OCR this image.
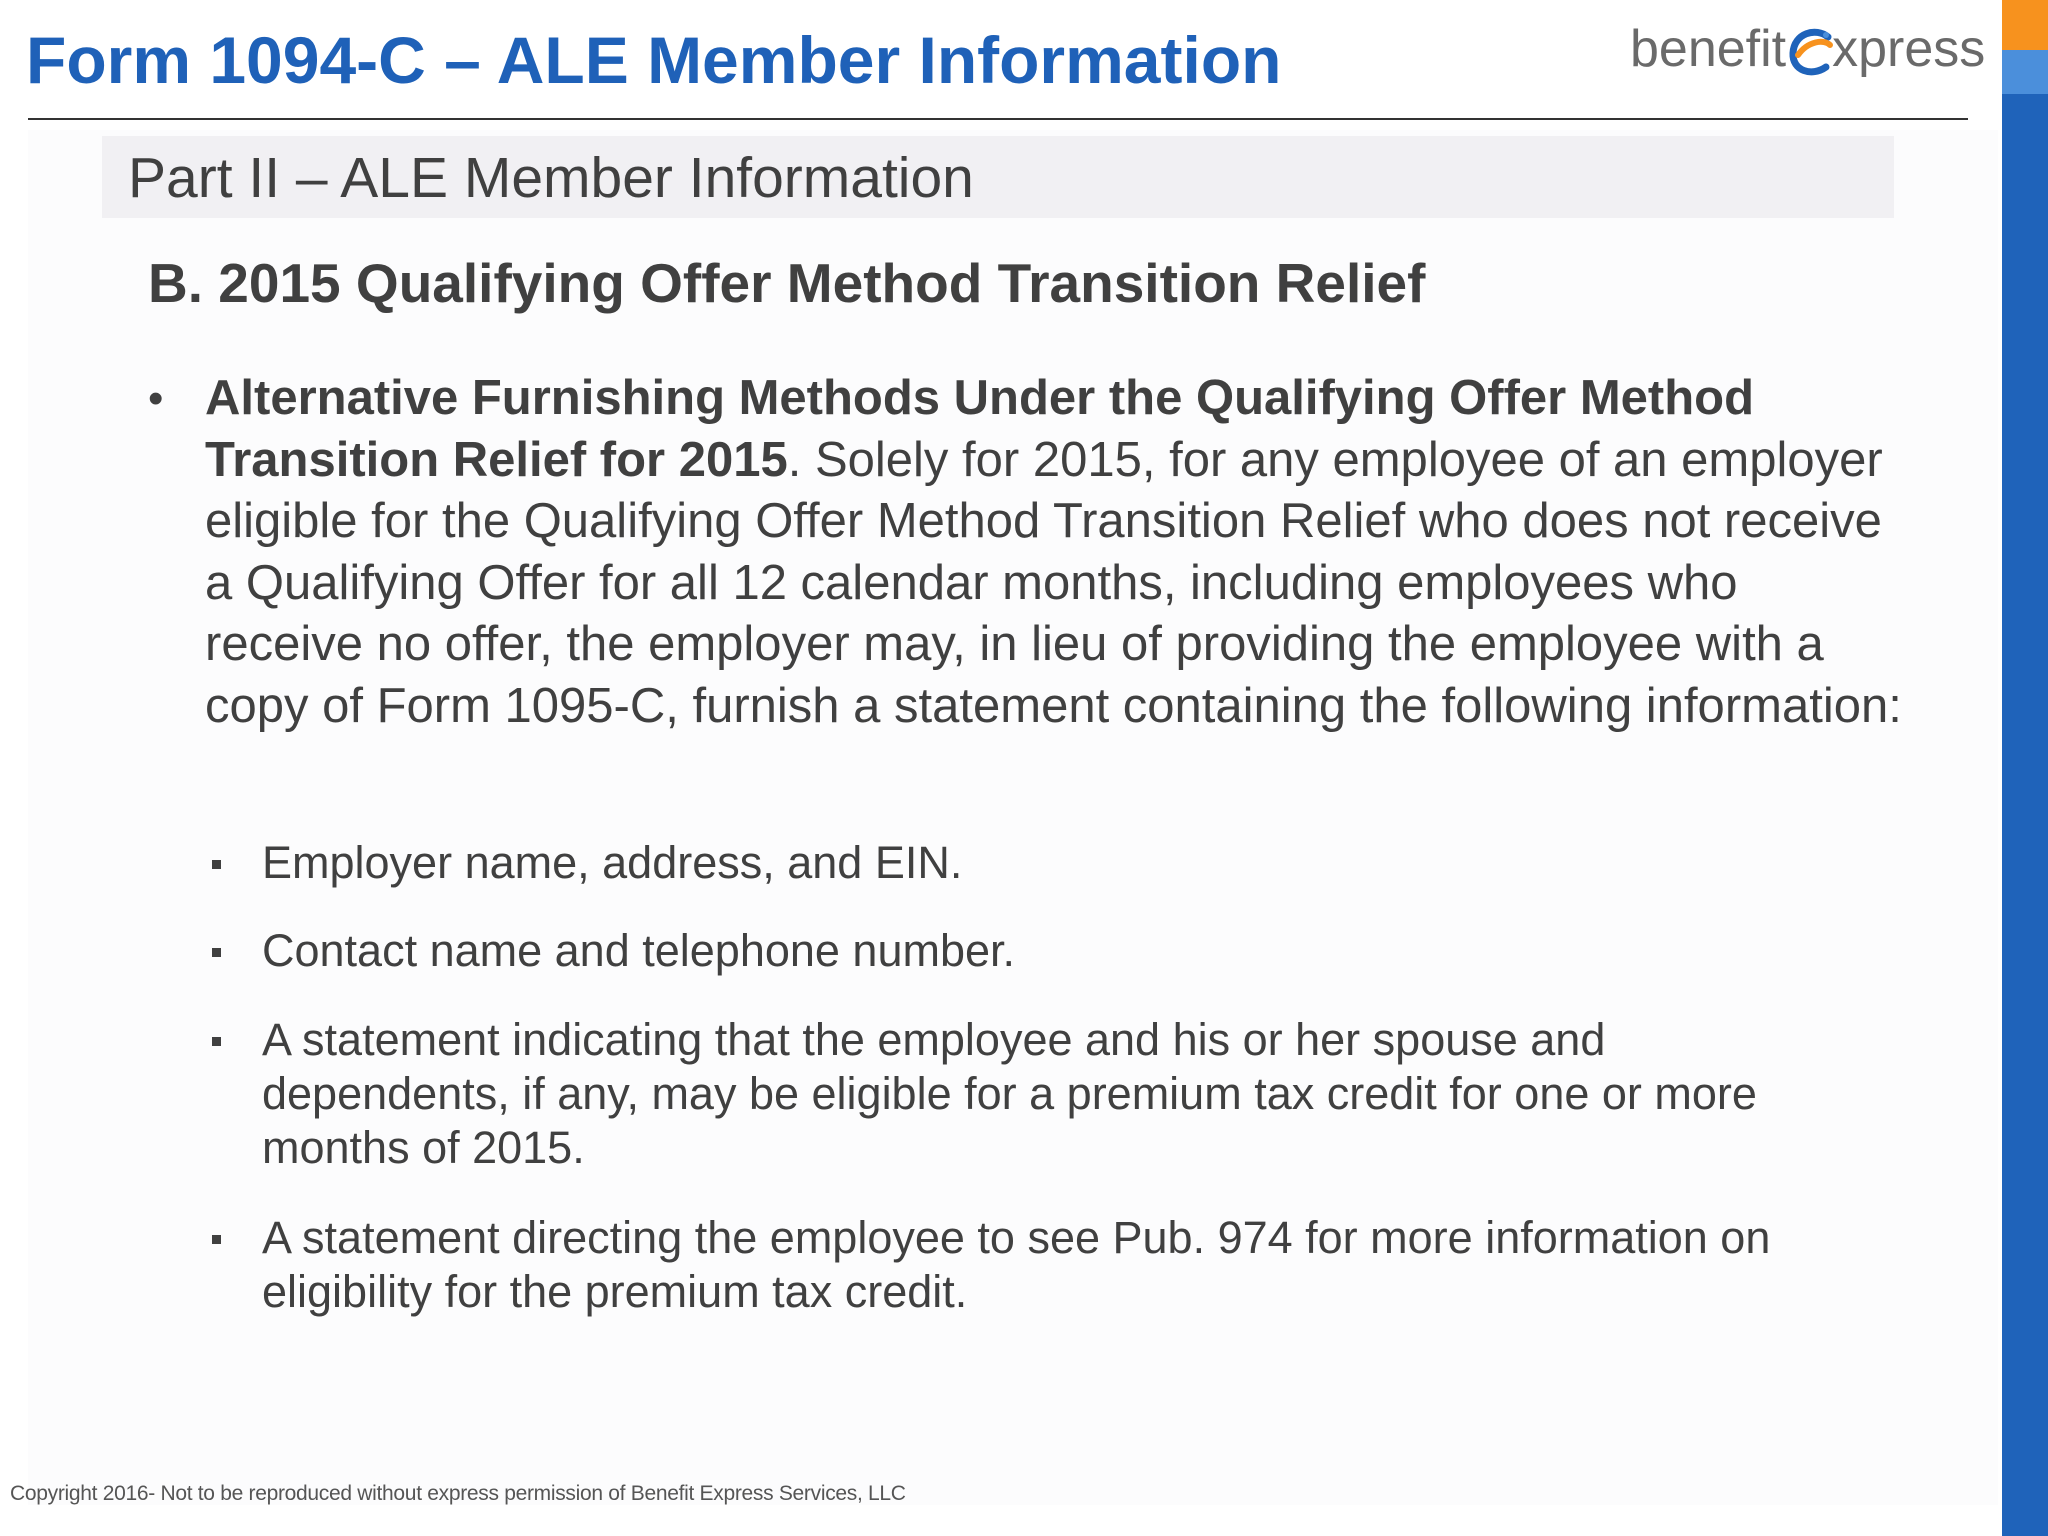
Form 1094-C – ALE Member Information	benefit xpress
Part II – ALE Member Information
B. 2015 Qualifying Offer Method Transition Relief
• Alternative Furnishing Methods Under the Qualifying Offer Method Transition Relief for 2015. Solely for 2015, for any employee of an employer eligible for the Qualifying Offer Method Transition Relief who does not receive a Qualifying Offer for all 12 calendar months, including employees who receive no offer, the employer may, in lieu of providing the employee with a copy of Form 1095-C, furnish a statement containing the following information:

Employer name, address, and EIN.

Contact name and telephone number.

A statement indicating that the employee and his or her spouse and dependents, if any, may be eligible for a premium tax credit for one or more months of 2015.

A statement directing the employee to see Pub. 974 for more information on eligibility for the premium tax credit.

Copyright 2016- Not to be reproduced without express permission of Benefit Express Services, LLC
